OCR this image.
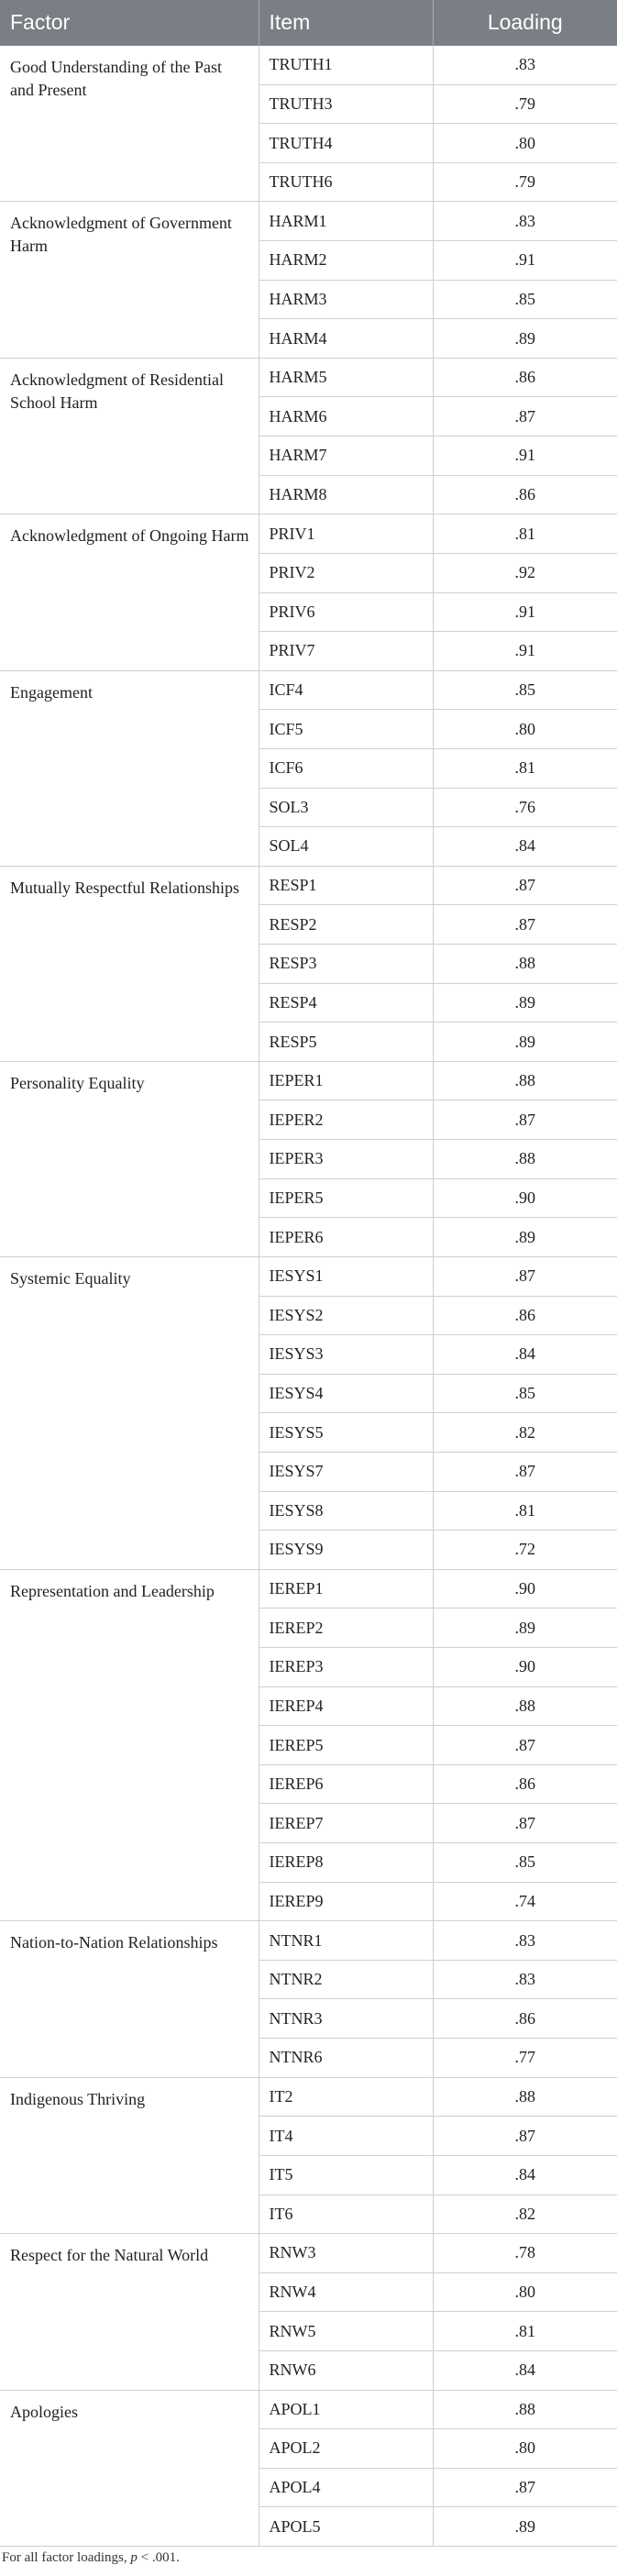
Factor	Item	Loading
Good Understanding of the Past and Present	TRUTH1	.83
	TRUTH3	.79
	TRUTH4	.80
	TRUTH6	.79
Acknowledgment of Government Harm	HARM1	.83
	HARM2	.91
	HARM3	.85
	HARM4	.89
Acknowledgment of Residential School Harm	HARM5	.86
	HARM6	.87
	HARM7	.91
	HARM8	.86
Acknowledgment of Ongoing Harm	PRIV1	.81
	PRIV2	.92
	PRIV6	.91
	PRIV7	.91
Engagement	ICF4	.85
	ICF5	.80
	ICF6	.81
	SOL3	.76
	SOL4	.84
Mutually Respectful Relationships	RESP1	.87
	RESP2	.87
	RESP3	.88
	RESP4	.89
	RESP5	.89
Personality Equality	IEPER1	.88
	IEPER2	.87
	IEPER3	.88
	IEPER5	.90
	IEPER6	.89
Systemic Equality	IESYS1	.87
	IESYS2	.86
	IESYS3	.84
	IESYS4	.85
	IESYS5	.82
	IESYS7	.87
	IESYS8	.81
	IESYS9	.72
Representation and Leadership	IEREP1	.90
	IEREP2	.89
	IEREP3	.90
	IEREP4	.88
	IEREP5	.87
	IEREP6	.86
	IEREP7	.87
	IEREP8	.85
	IEREP9	.74
Nation-to-Nation Relationships	NTNR1	.83
	NTNR2	.83
	NTNR3	.86
	NTNR6	.77
Indigenous Thriving	IT2	.88
	IT4	.87
	IT5	.84
	IT6	.82
Respect for the Natural World	RNW3	.78
	RNW4	.80
	RNW5	.81
	RNW6	.84
Apologies	APOL1	.88
	APOL2	.80
	APOL4	.87
	APOL5	.89
For all factor loadings, p < .001.
